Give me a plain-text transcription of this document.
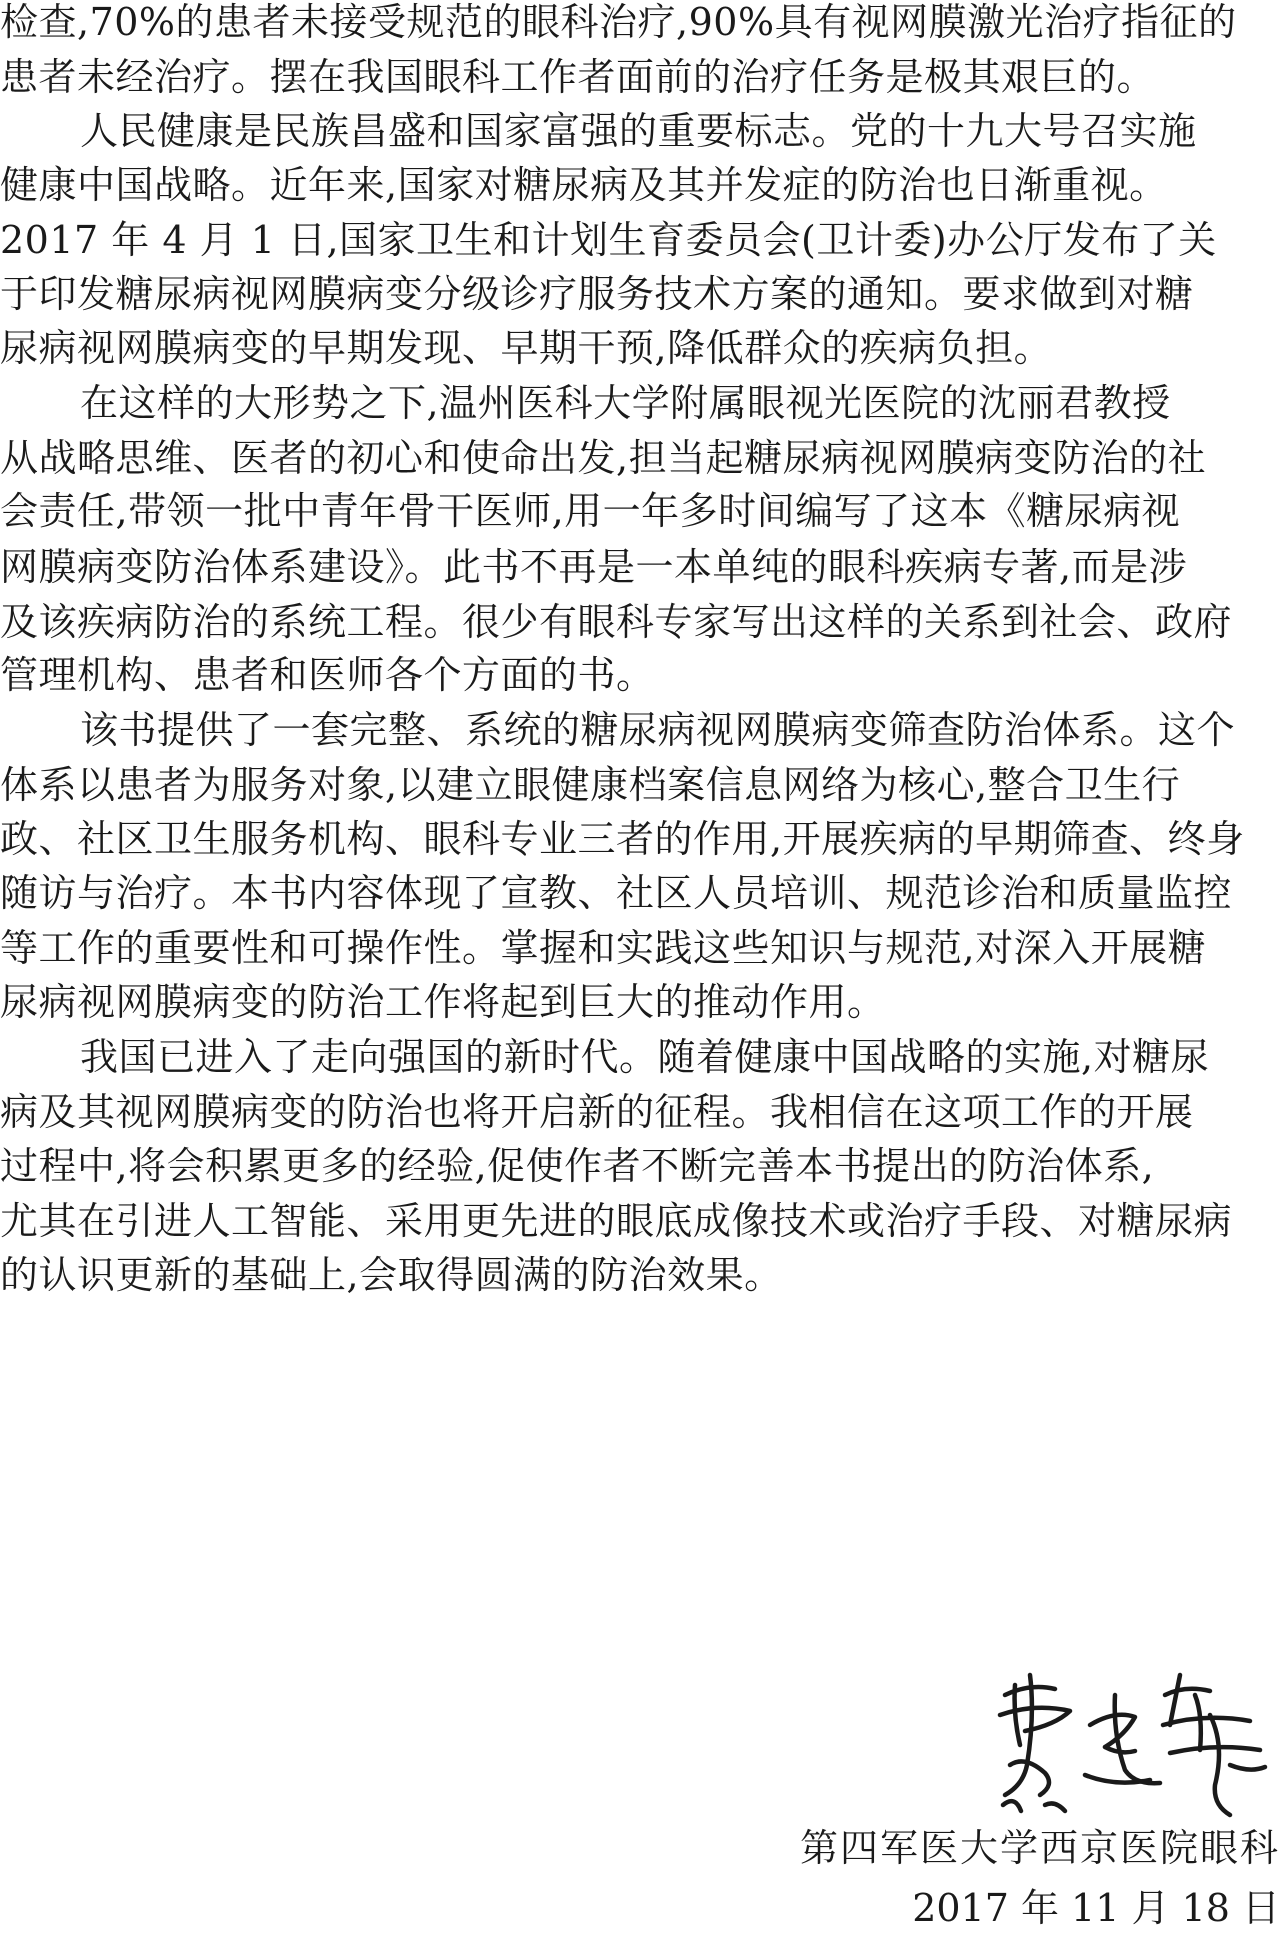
检查,70%的患者未接受规范的眼科治疗,90%具有视网膜激光治疗指征的
患者未经治疗。摆在我国眼科工作者面前的治疗任务是极其艰巨的。
人民健康是民族昌盛和国家富强的重要标志。党的十九大号召实施
健康中国战略。近年来,国家对糖尿病及其并发症的防治也日渐重视。
2017 年 4 月 1 日,国家卫生和计划生育委员会(卫计委)办公厅发布了关
于印发糖尿病视网膜病变分级诊疗服务技术方案的通知。要求做到对糖
尿病视网膜病变的早期发现、早期干预,降低群众的疾病负担。
在这样的大形势之下,温州医科大学附属眼视光医院的沈丽君教授
从战略思维、医者的初心和使命出发,担当起糖尿病视网膜病变防治的社
会责任,带领一批中青年骨干医师,用一年多时间编写了这本《糖尿病视
网膜病变防治体系建设》。此书不再是一本单纯的眼科疾病专著,而是涉
及该疾病防治的系统工程。很少有眼科专家写出这样的关系到社会、政府
管理机构、患者和医师各个方面的书。
该书提供了一套完整、系统的糖尿病视网膜病变筛查防治体系。这个
体系以患者为服务对象,以建立眼健康档案信息网络为核心,整合卫生行
政、社区卫生服务机构、眼科专业三者的作用,开展疾病的早期筛查、终身
随访与治疗。本书内容体现了宣教、社区人员培训、规范诊治和质量监控
等工作的重要性和可操作性。掌握和实践这些知识与规范,对深入开展糖
尿病视网膜病变的防治工作将起到巨大的推动作用。
我国已进入了走向强国的新时代。随着健康中国战略的实施,对糖尿
病及其视网膜病变的防治也将开启新的征程。我相信在这项工作的开展
过程中,将会积累更多的经验,促使作者不断完善本书提出的防治体系,
尤其在引进人工智能、采用更先进的眼底成像技术或治疗手段、对糖尿病
的认识更新的基础上,会取得圆满的防治效果。
第四军医大学西京医院眼科
2017 年 11 月 18 日
